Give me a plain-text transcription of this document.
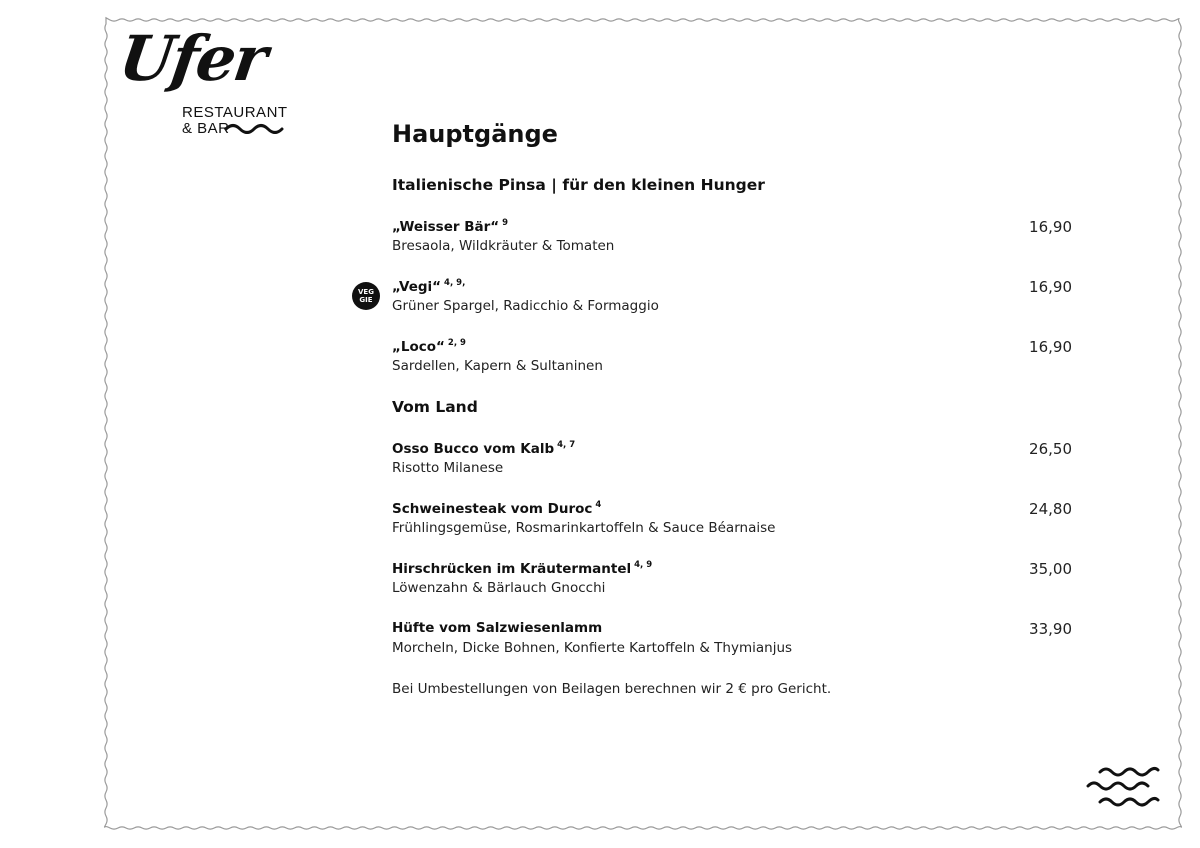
Ufer
RESTAURANT
& BAR	Hauptgänge
Italienische Pinsa | für den kleinen Hunger
„Weisser Bär“ $^9$
Bresaola, Wildkräuter & Tomaten
16,90
VEG
GIE
„Vegi“ $^{4, 9,}$
Grüner Spargel, Radicchio & Formaggio
16,90
„Loco“ $^{2, 9}$
Sardellen, Kapern & Sultaninen
16,90
Vom Land
Osso Bucco vom Kalb $^{4, 7}$
Risotto Milanese
26,50
Schweinesteak vom Duroc $^4$
Frühlingsgemüse, Rosmarinkartoffeln & Sauce Béarnaise
24,80
Hirschrücken im Kräutermantel $^{4, 9}$
Löwenzahn & Bärlauch Gnocchi
35,00
Hüfte vom Salzwiesenlamm
Morcheln, Dicke Bohnen, Konfierte Kartoffeln & Thymianjus
33,90
Bei Umbestellungen von Beilagen berechnen wir 2 € pro Gericht.
